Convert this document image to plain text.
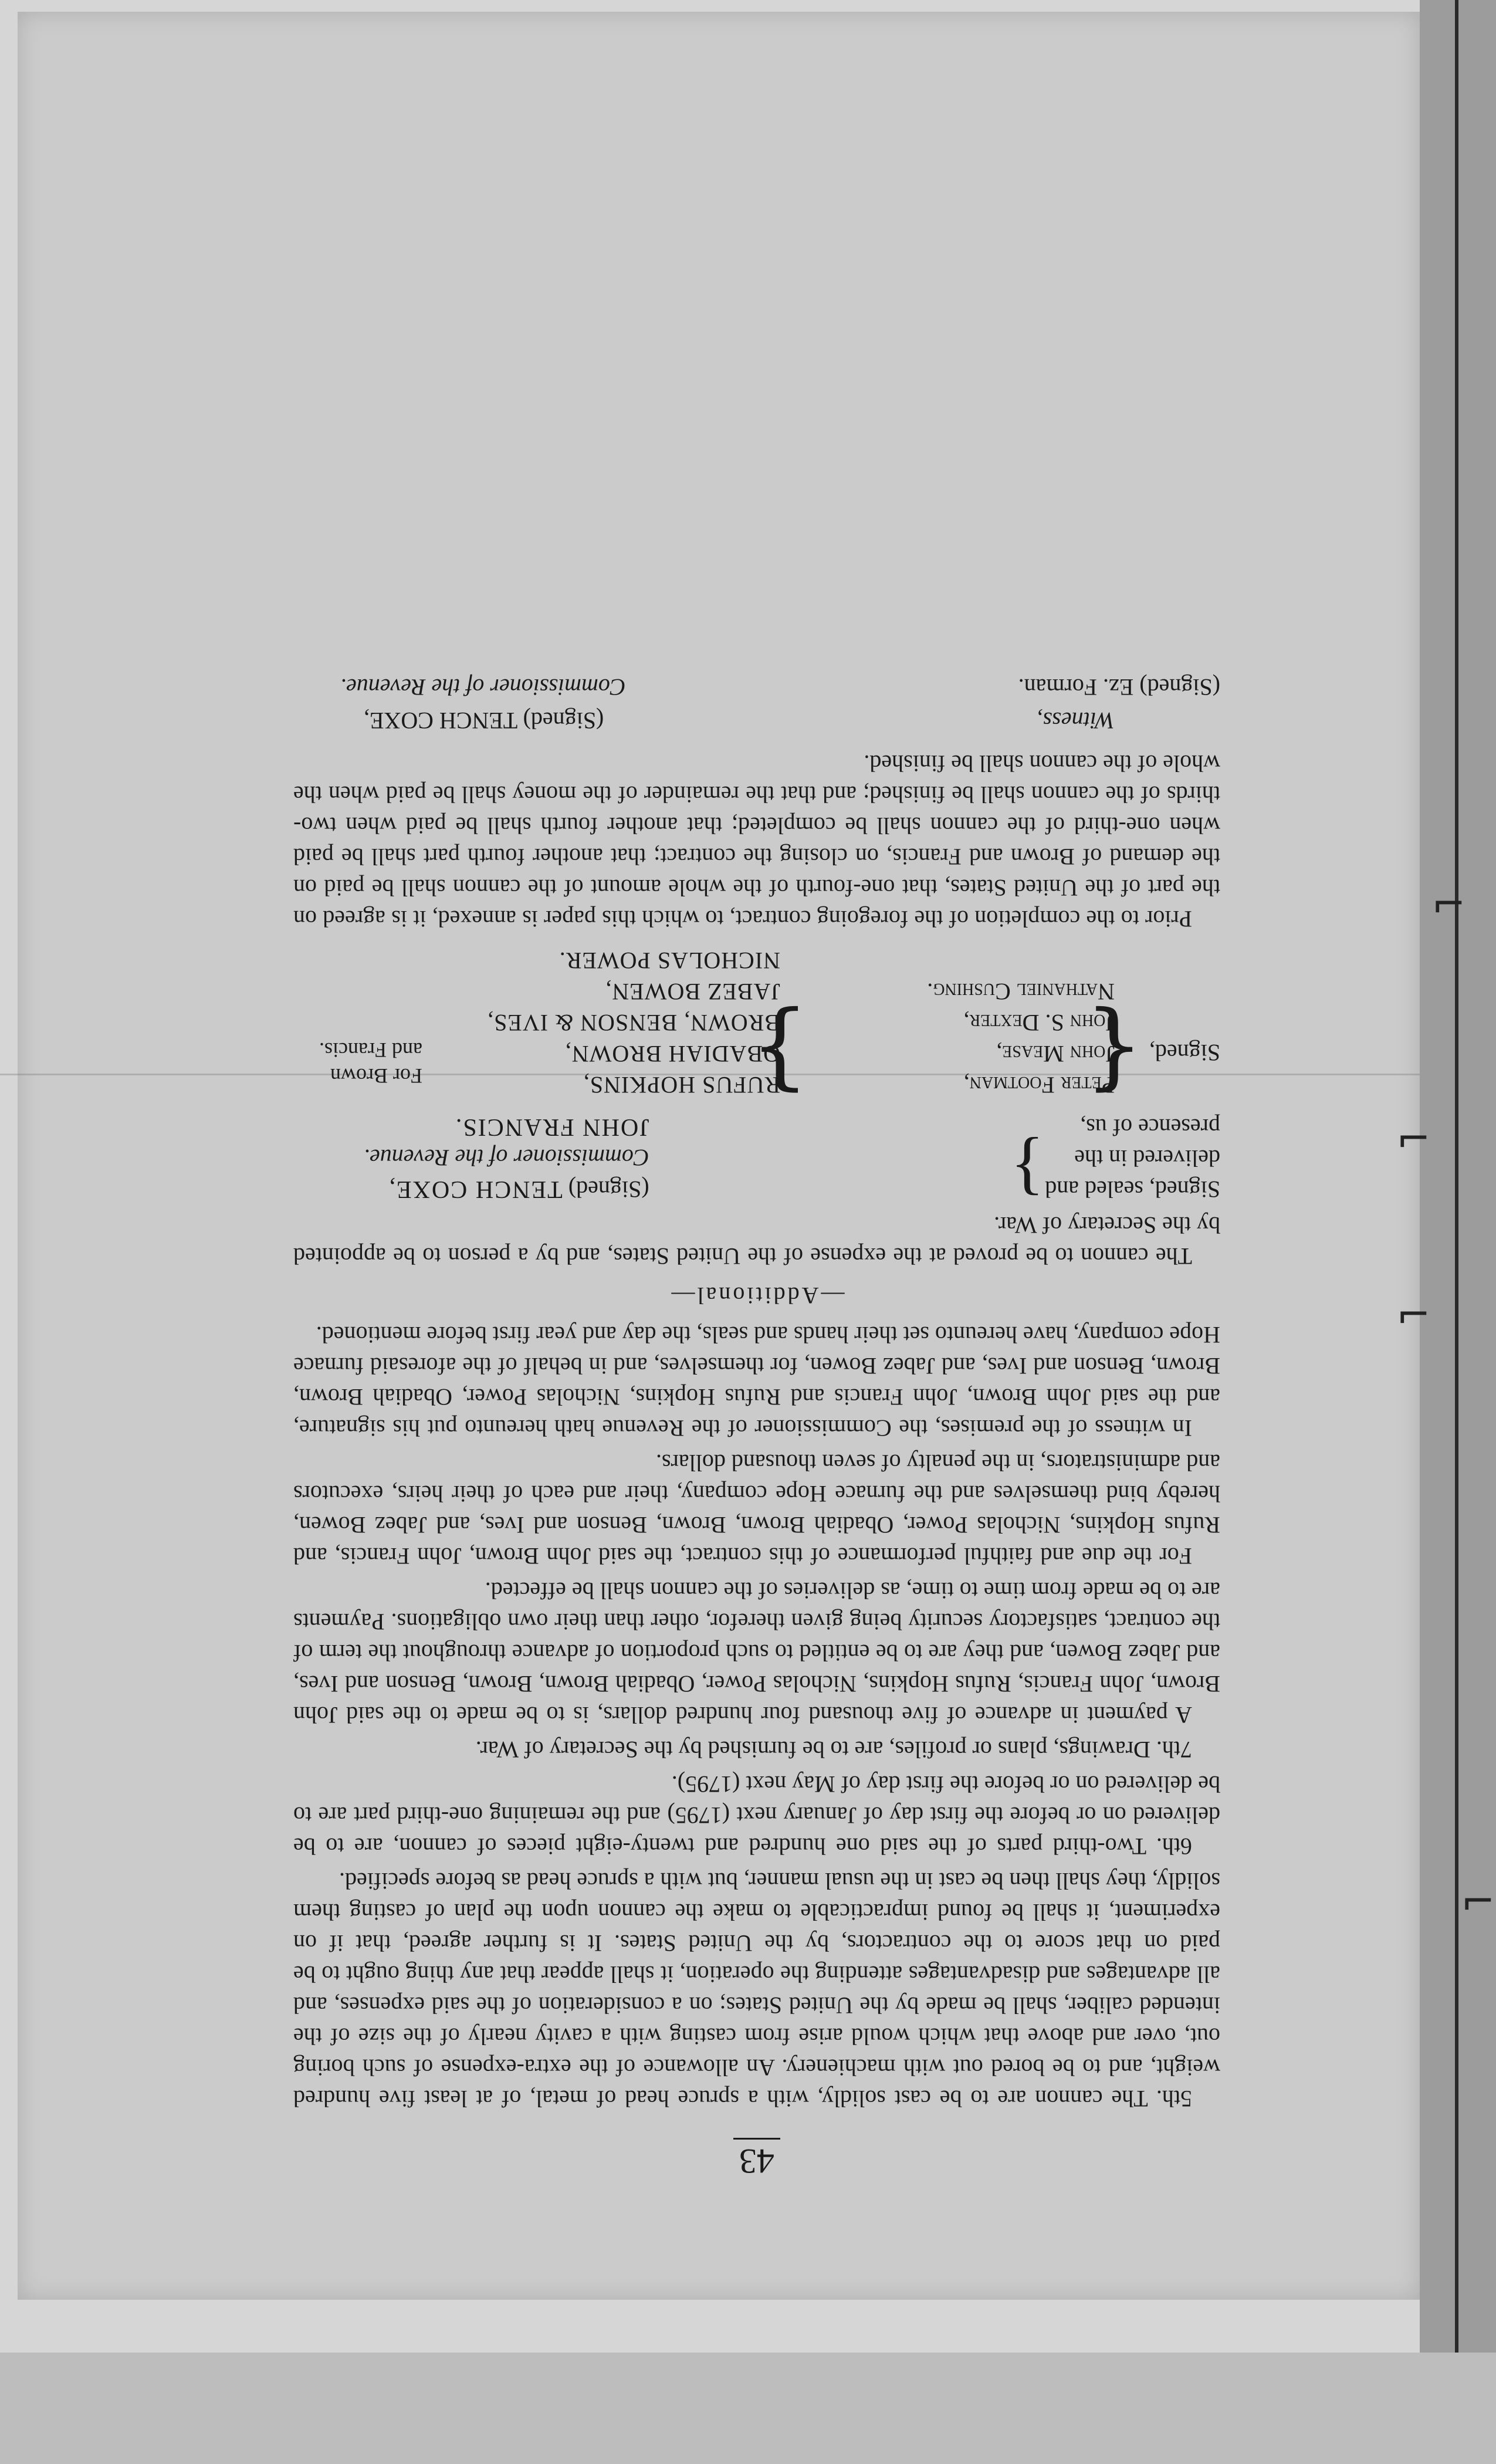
⌐
⌐
⌐
⌐
43

5th. The cannon are to be cast solidly, with a spruce head of metal, of at least five hundred weight, and to be bored out with machienery. An allowance of the extra-expense of such boring out, over and above that which would arise from casting with a cavity nearly of the size of the intended caliber, shall be made by the United States; on a consideration of the said expenses, and all advantages and disadvantages attending the operation, it shall appear that any thing ought to be paid on that score to the contractors, by the United States. It is further agreed, that if on experiment, it shall be found impracticable to make the cannon upon the plan of casting them solidly, they shall then be cast in the usual manner, but with a spruce head as before specified.

6th. Two-third parts of the said one hundred and twenty-eight pieces of cannon, are to be delivered on or before the first day of January next (1795) and the remaining one-third part are to be delivered on or before the first day of May next (1795).

7th. Drawings, plans or profiles, are to be furnished by the Secretary of War.

A payment in advance of five thousand four hundred dollars, is to be made to the said John Brown, John Francis, Rufus Hopkins, Nicholas Power, Obadiah Brown, Brown, Benson and Ives, and Jabez Bowen, and they are to be entitled to such proportion of advance throughout the term of the contract, satisfactory security being given therefor, other than their own obligations. Payments are to be made from time to time, as deliveries of the cannon shall be effected.

For the due and faithful performance of this contract, the said John Brown, John Francis, and Rufus Hopkins, Nicholas Power, Obadiah Brown, Brown, Benson and Ives, and Jabez Bowen, hereby bind themselves and the furnace Hope company, their and each of their heirs, executors and administrators, in the penalty of seven thousand dollars.

In witness of the premises, the Commissioner of the Revenue hath hereunto put his signature, and the said John Brown, John Francis and Rufus Hopkins, Nicholas Power, Obadiah Brown, Brown, Benson and Ives, and Jabez Bowen, for themselves, and in behalf of the aforesaid furnace Hope company, have hereunto set their hands and seals, the day and year first before mentioned.

—Additional—

The cannon to be proved at the expense of the United States, and by a person to be appointed by the Secretary of War.

Signed, sealed and
delivered in the
presence of us,
}
(Signed) TENCH COXE,
Commissioner of the Revenue.
JOHN FRANCIS.
Signed,
{
Peter Footman,
John Mease,
John S. Dexter,
Nathaniel Cushing.
}
RUFUS HOPKINS,
OBADIAH BROWN,
BROWN, BENSON & IVES,
JABEZ BOWEN,
NICHOLAS POWER.
For Brown
and Francis.

Prior to the completion of the foregoing contract, to which this paper is annexed, it is agreed on the part of the United States, that one-fourth of the whole amount of the cannon shall be paid on the demand of Brown and Francis, on closing the contract; that another fourth part shall be paid when one-third of the cannon shall be completed; that another fourth shall be paid when two-thirds of the cannon shall be finished; and that the remainder of the money shall be paid when the whole of the cannon shall be finished.

Witness,
(Signed) TENCH COXE,
(Signed) Ez. Forman.
Commissioner of the Revenue.
